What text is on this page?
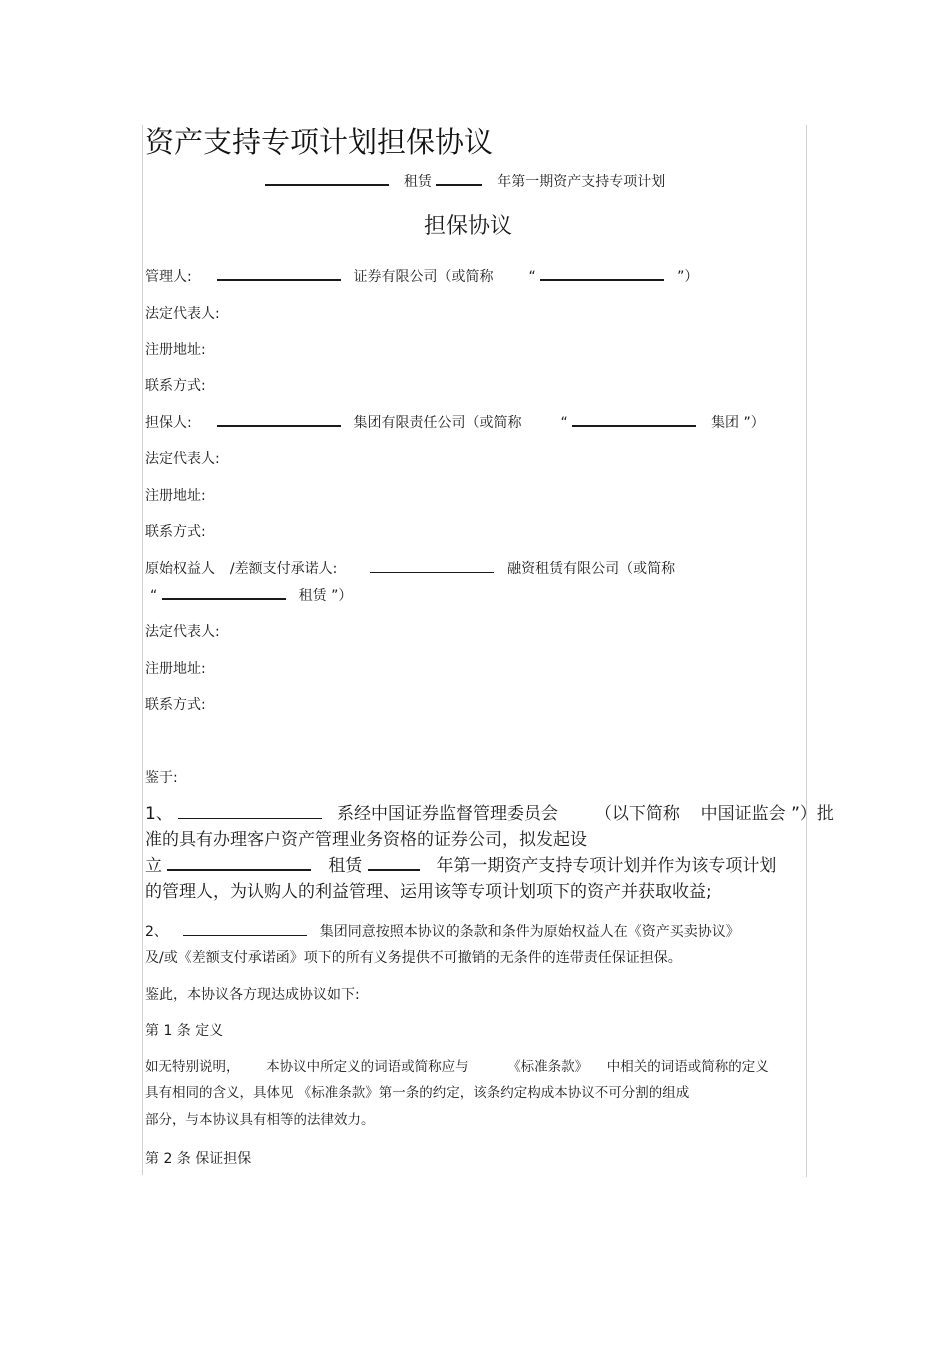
资产支持专项计划担保协议
租赁	年第一期资产支持专项计划
担保协议
管理人:	证券有限公司（或简称 “	”）
法定代表人:
注册地址:
联系方式:
担保人:	集团有限责任公司（或简称	“	集团 ”）
法定代表人:
注册地址:
联系方式:
原始权益人 /差额支付承诺人:	融资租赁有限公司（或简称
“	租赁 ”）
法定代表人:
注册地址:
联系方式:
鉴于:
1、	系经中国证券监督管理委员会 （以下简称 中国证监会 ”）批
准的具有办理客户资产管理业务资格的证券公司，拟发起设
立	租赁	年第一期资产支持专项计划并作为该专项计划
的管理人，为认购人的利益管理、运用该等专项计划项下的资产并获取收益;
2、	集团同意按照本协议的条款和条件为原始权益人在《资产买卖协议》
及/或《差额支付承诺函》项下的所有义务提供不可撤销的无条件的连带责任保证担保。
鉴此，本协议各方现达成协议如下:
第 1 条 定义
如无特别说明， 本协议中所定义的词语或简称应与	《标准条款》 中相关的词语或简称的定义
具有相同的含义，具体见 《标准条款》第一条的约定，该条约定构成本协议不可分割的组成
部分，与本协议具有相等的法律效力。
第 2 条 保证担保
